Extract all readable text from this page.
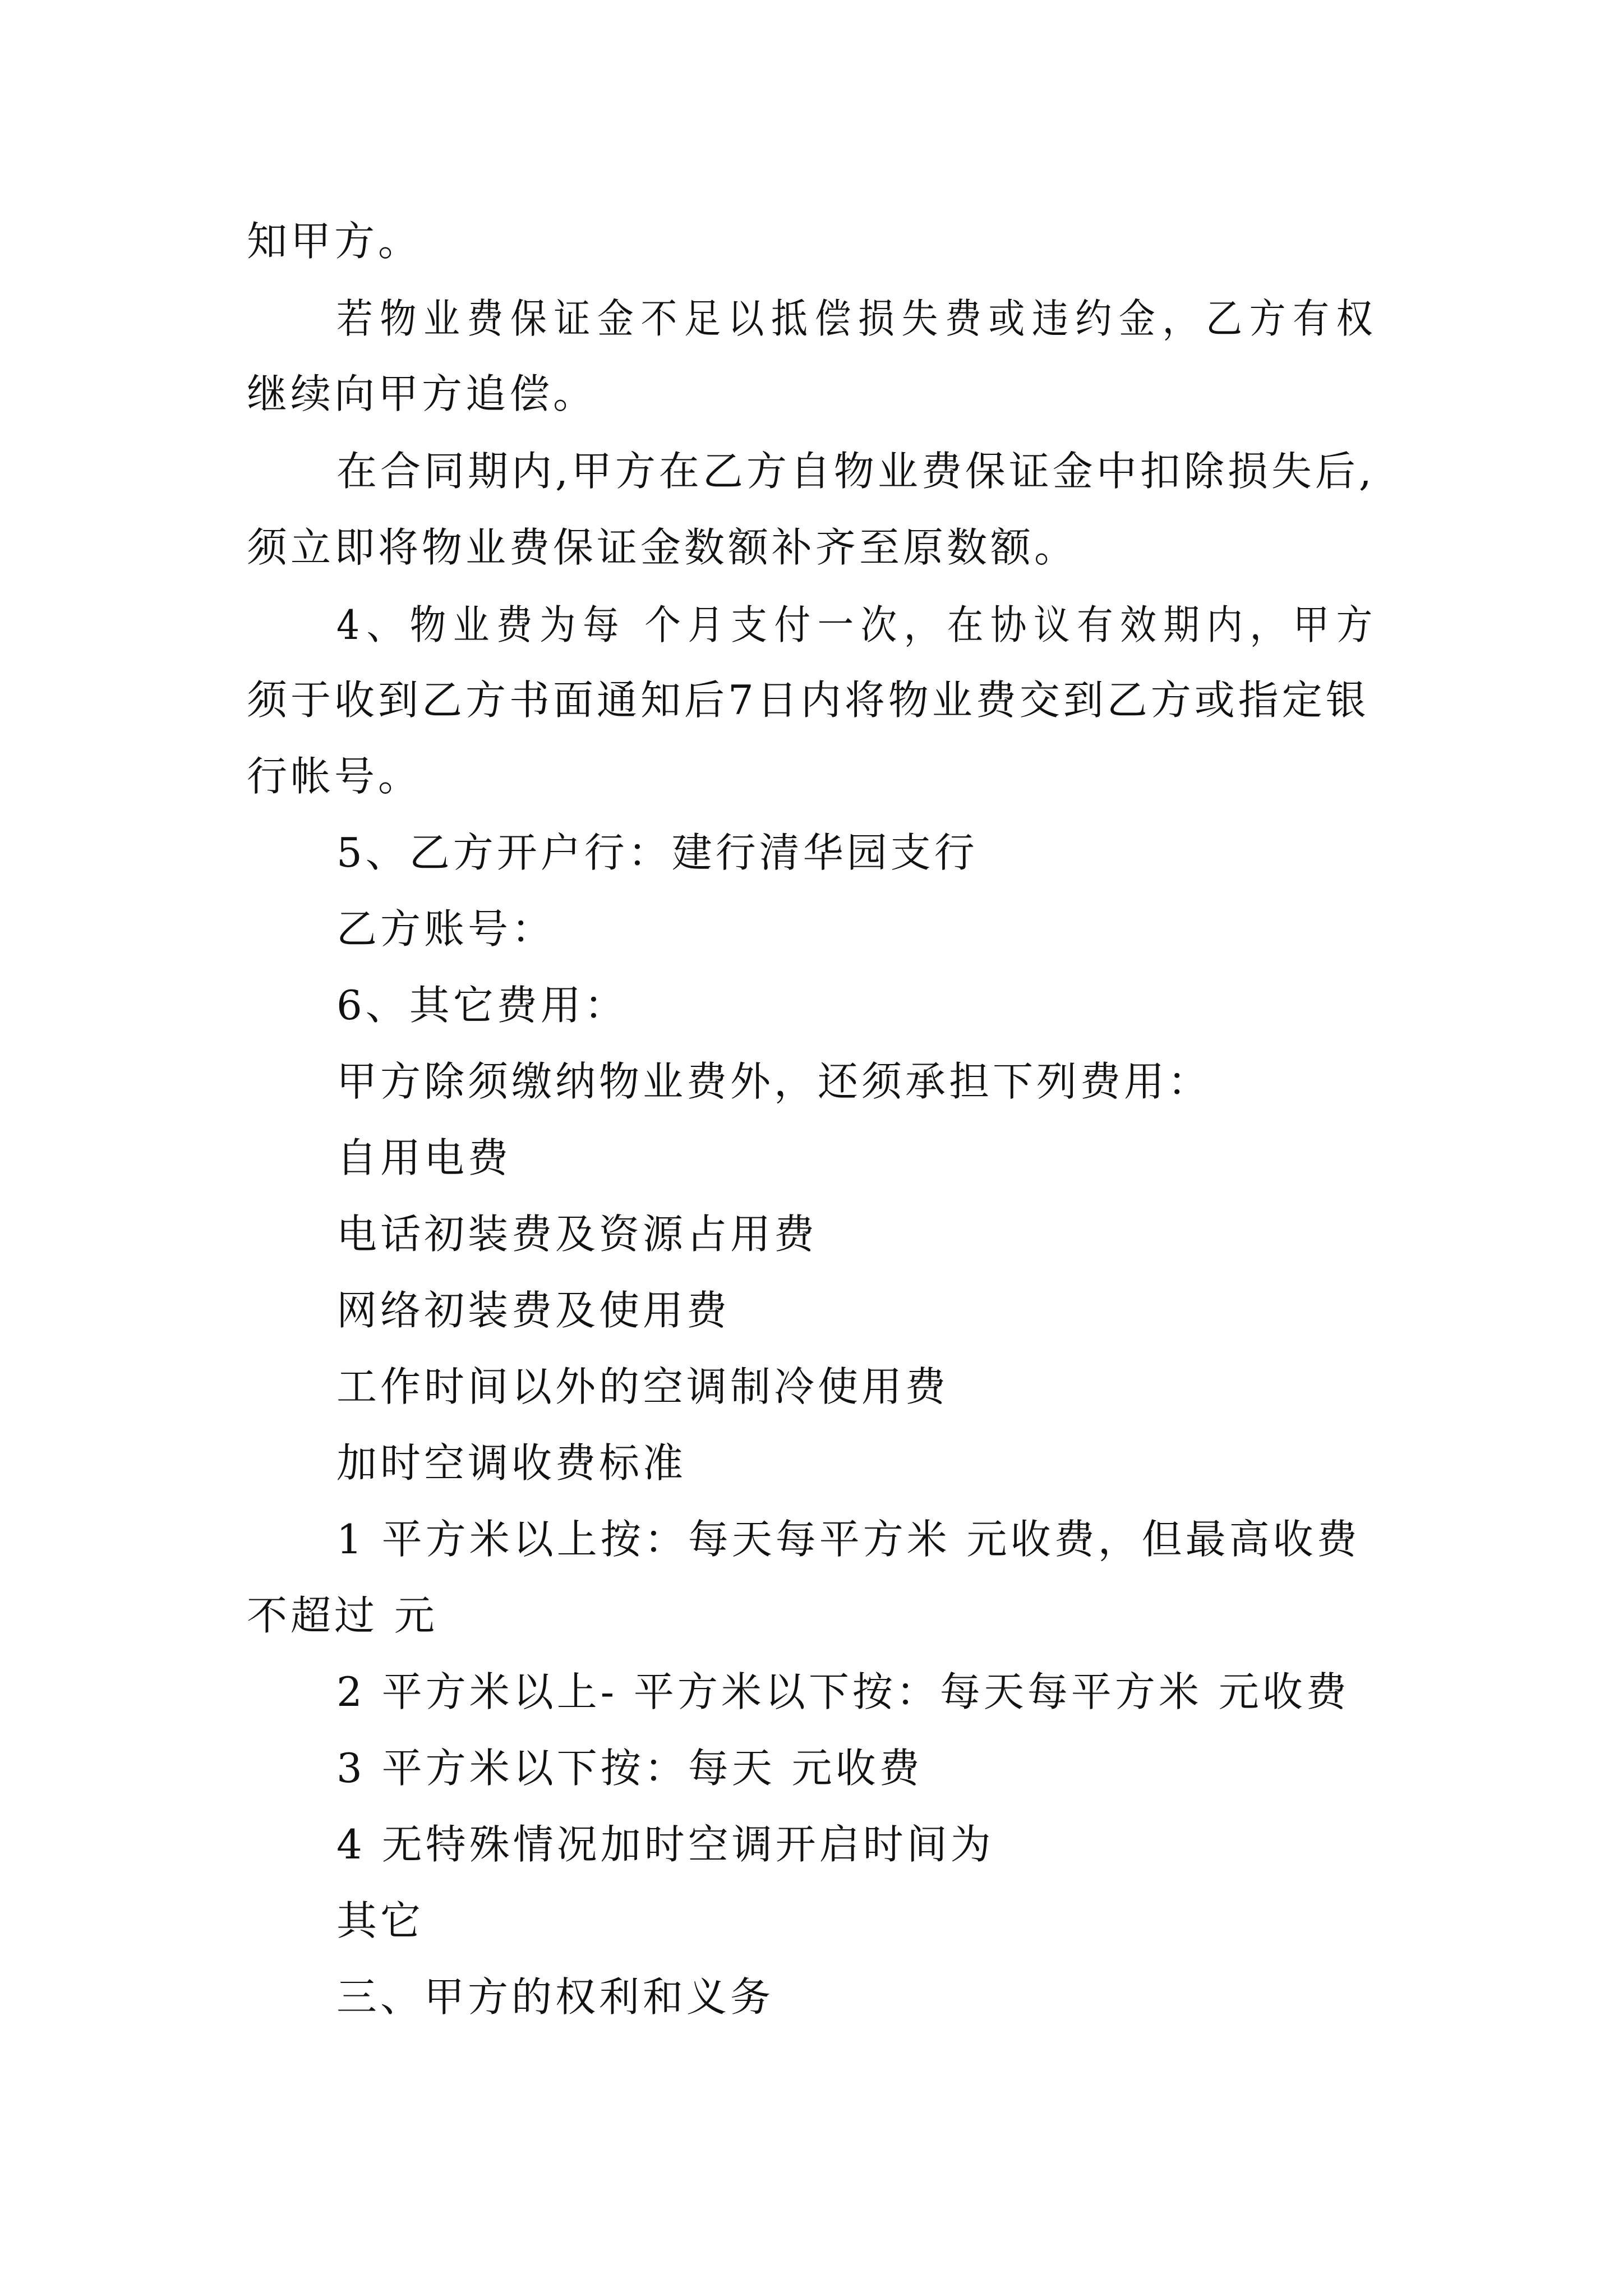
知甲方。
若物业费保证金不足以抵偿损失费或违约金，乙方有权
继续向甲方追偿。
在合同期内,甲方在乙方自物业费保证金中扣除损失后,
须立即将物业费保证金数额补齐至原数额。
4、物业费为每 个月支付一次，在协议有效期内，甲方
须于收到乙方书面通知后7日内将物业费交到乙方或指定银
行帐号。
5、乙方开户行：建行清华园支行
乙方账号：
6、其它费用：
甲方除须缴纳物业费外，还须承担下列费用：
自用电费
电话初装费及资源占用费
网络初装费及使用费
工作时间以外的空调制冷使用费
加时空调收费标准
1 平方米以上按：每天每平方米 元收费，但最高收费
不超过 元
2 平方米以上- 平方米以下按：每天每平方米 元收费
3 平方米以下按：每天 元收费
4 无特殊情况加时空调开启时间为
其它
三、甲方的权利和义务
